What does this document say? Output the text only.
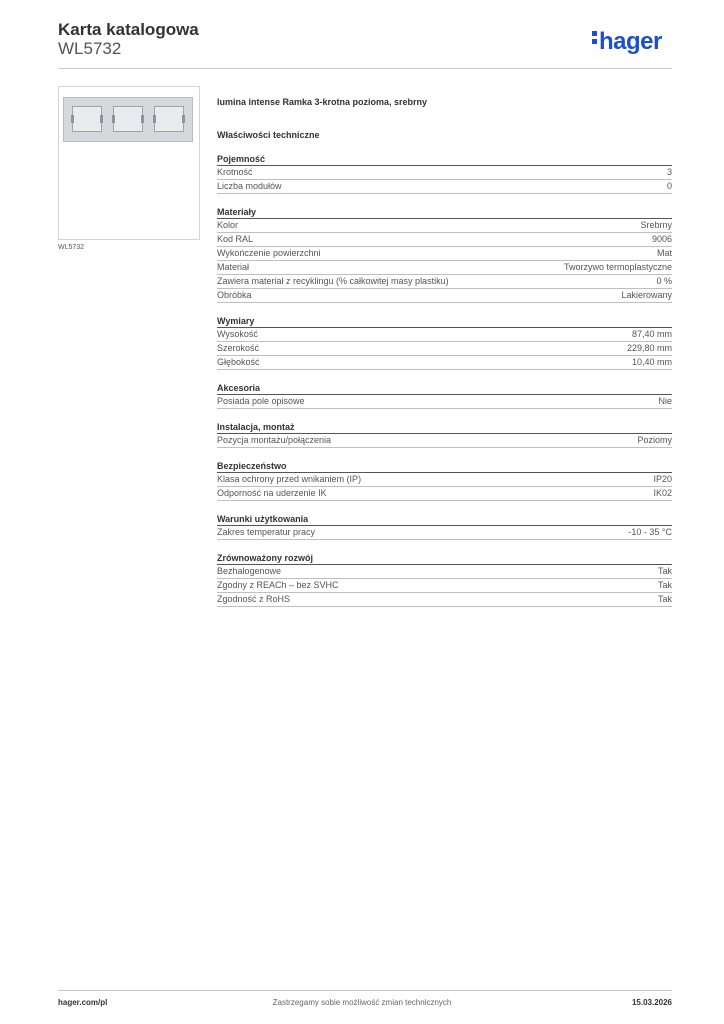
Karta katalogowa
WL5732	hager
WL5732
lumina intense Ramka 3-krotna pozioma, srebrny
Właściwości techniczne
Pojemność
Krotność	3
Liczba modułów	0
Materiały
Kolor	Srebrny
Kod RAL	9006
Wykończenie powierzchni	Mat
Materiał	Tworzywo termoplastyczne
Zawiera materiał z recyklingu (% całkowitej masy plastiku)	0 %
Obróbka	Lakierowany
Wymiary
Wysokość	87,40 mm
Szerokość	229,80 mm
Głębokość	10,40 mm
Akcesoria
Posiada pole opisowe	Nie
Instalacja, montaż
Pozycja montażu/połączenia	Poziomy
Bezpieczeństwo
Klasa ochrony przed wnikaniem (IP)	IP20
Odporność na uderzenie IK	IK02
Warunki użytkowania
Zakres temperatur pracy	-10 - 35 °C
Zrównoważony rozwój
Bezhalogenowe	Tak
Zgodny z REACh – bez SVHC	Tak
Zgodność z RoHS	Tak
hager.com/pl	Zastrzegamy sobie możliwość zmian technicznych	15.03.2026
